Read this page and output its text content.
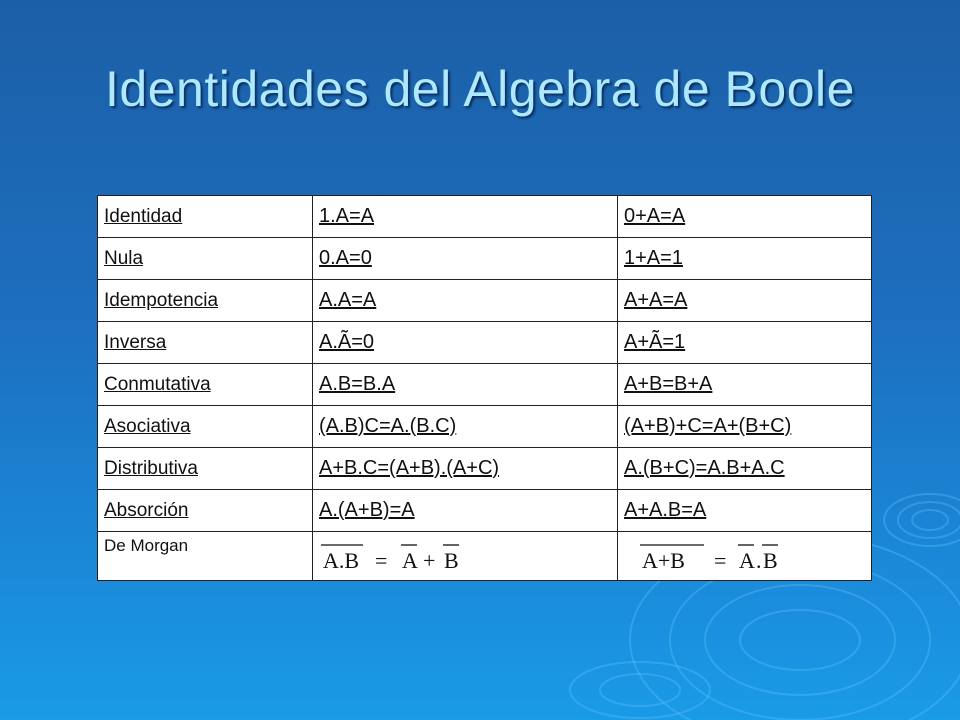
Identidades del Algebra de Boole
Identidad	1.A=A	0+A=A
Nula	0.A=0	1+A=1
Idempotencia	A.A=A	A+A=A
Inversa	A.Ã=0	A+Ã=1
Conmutativa	A.B=B.A	A+B=B+A
Asociativa	(A.B)C=A.(B.C)	(A+B)+C=A+(B+C)
Distributiva	A+B.C=(A+B).(A+C)	A.(B+C)=A.B+A.C
Absorción	A.(A+B)=A	A+A.B=A
De Morgan	A.B = A + B	A+B = A . B
